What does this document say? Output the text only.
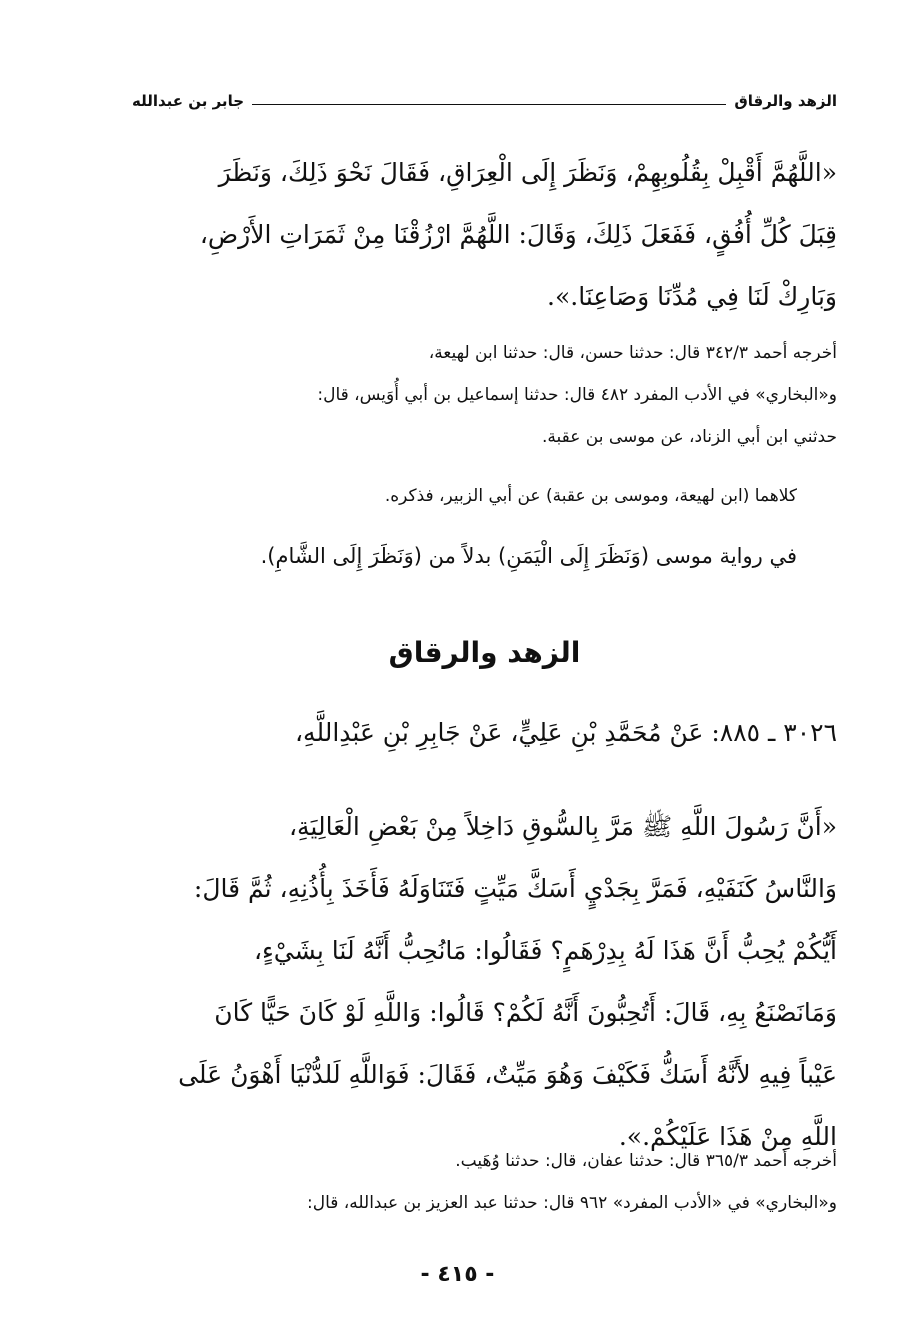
الزهد والرقاق
جابر بن عبدالله
«اللَّهُمَّ أَقْبِلْ بِقُلُوبِهِمْ، وَنَظَرَ إِلَى الْعِرَاقِ، فَقَالَ نَحْوَ ذَلِكَ، وَنَظَرَ
قِبَلَ كُلِّ أُفُقٍ، فَفَعَلَ ذَلِكَ، وَقَالَ: اللَّهُمَّ ارْزُقْنَا مِنْ ثَمَرَاتِ الأَرْضِ،
وَبَارِكْ لَنَا فِي مُدِّنَا وَصَاعِنَا.».
أخرجه أحمد ٣٤٢/٣ قال: حدثنا حسن، قال: حدثنا ابن لهيعة،
و«البخاري» في الأدب المفرد ٤٨٢ قال: حدثنا إسماعيل بن أبي أُوَيس، قال:
حدثني ابن أبي الزناد، عن موسى بن عقبة.
كلاهما (ابن لهيعة، وموسى بن عقبة) عن أبي الزبير، فذكره.
في رواية موسى (وَنَظَرَ إِلَى الْيَمَنِ) بدلاً من (وَنَظَرَ إِلَى الشَّامِ).
الزهد والرقاق
٣٠٢٦ ـ ٨٨٥: عَنْ مُحَمَّدِ بْنِ عَلِيٍّ، عَنْ جَابِرِ بْنِ عَبْدِاللَّهِ،
«أَنَّ رَسُولَ اللَّهِ ﷺ مَرَّ بِالسُّوقِ دَاخِلاً مِنْ بَعْضِ الْعَالِيَةِ،
وَالنَّاسُ كَنَفَيْهِ، فَمَرَّ بِجَدْيٍ أَسَكَّ مَيِّتٍ فَتَنَاوَلَهُ فَأَخَذَ بِأُذُنِهِ، ثُمَّ قَالَ:
أَيُّكُمْ يُحِبُّ أَنَّ هَذَا لَهُ بِدِرْهَمٍ؟ فَقَالُوا: مَانُحِبُّ أَنَّهُ لَنَا بِشَيْءٍ،
وَمَانَصْنَعُ بِهِ، قَالَ: أَتُحِبُّونَ أَنَّهُ لَكُمْ؟ قَالُوا: وَاللَّهِ لَوْ كَانَ حَيًّا كَانَ
عَيْباً فِيهِ لأَنَّهُ أَسَكُّ فَكَيْفَ وَهُوَ مَيِّتٌ، فَقَالَ: فَوَاللَّهِ لَلدُّنْيَا أَهْوَنُ عَلَى
اللَّهِ مِنْ هَذَا عَلَيْكُمْ.».
أخرجه أحمد ٣٦٥/٣ قال: حدثنا عفان، قال: حدثنا وُهَيب.
و«البخاري» في «الأدب المفرد» ٩٦٢ قال: حدثنا عبد العزيز بن عبدالله، قال:
- ٤١٥ -
